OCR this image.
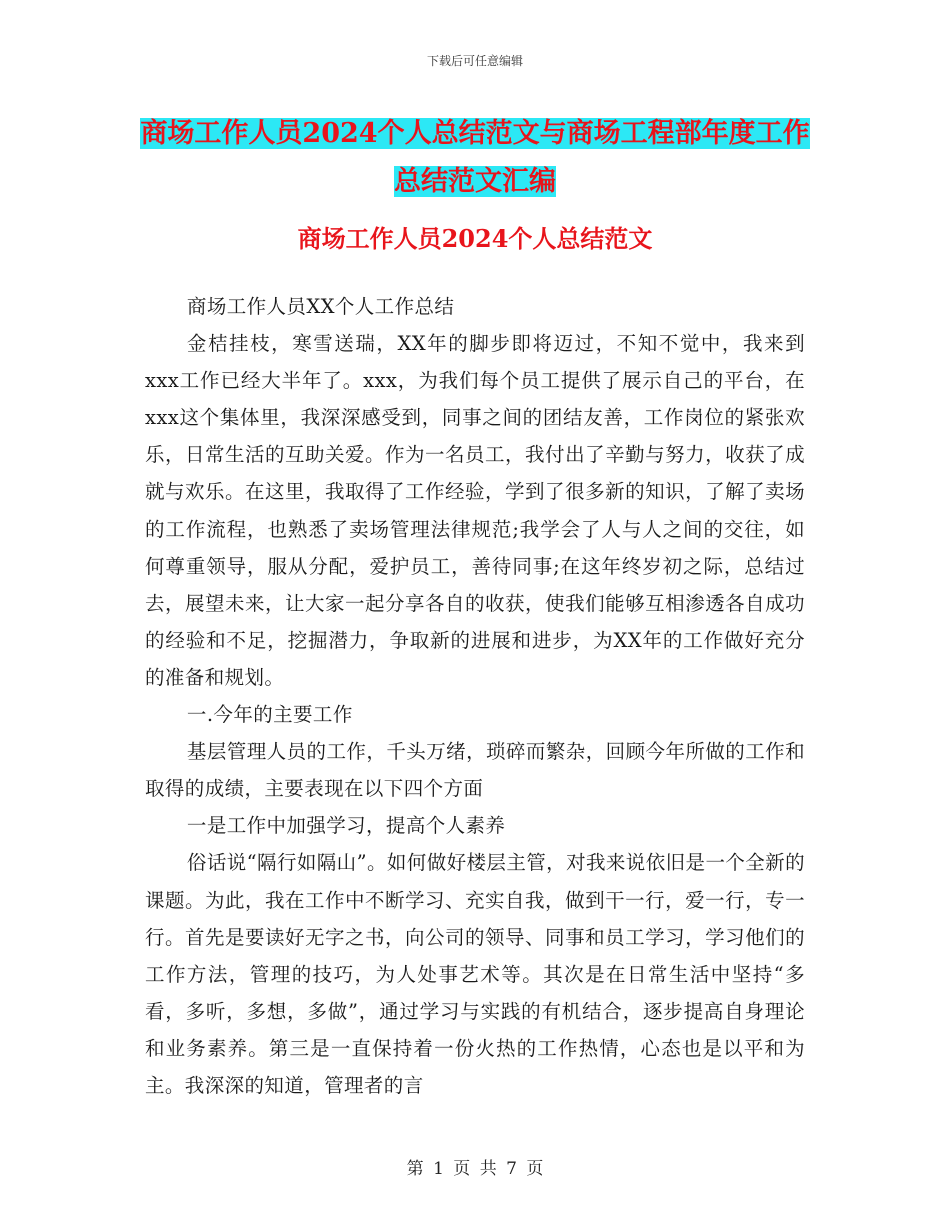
下载后可任意编辑
商场工作人员2024个人总结范文与商场工程部年度工作总结范文汇编
商场工作人员2024个人总结范文

商场工作人员XX个人工作总结

金桔挂枝，寒雪送瑞，XX年的脚步即将迈过，不知不觉中，我来到xxx工作已经大半年了。xxx，为我们每个员工提供了展示自己的平台，在xxx这个集体里，我深深感受到，同事之间的团结友善，工作岗位的紧张欢乐，日常生活的互助关爱。作为一名员工，我付出了辛勤与努力，收获了成就与欢乐。在这里，我取得了工作经验，学到了很多新的知识，了解了卖场的工作流程，也熟悉了卖场管理法律规范;我学会了人与人之间的交往，如何尊重领导，服从分配，爱护员工，善待同事;在这年终岁初之际，总结过去，展望未来，让大家一起分享各自的收获，使我们能够互相渗透各自成功的经验和不足，挖掘潜力，争取新的进展和进步，为XX年的工作做好充分的准备和规划。

一.今年的主要工作

基层管理人员的工作，千头万绪，琐碎而繁杂，回顾今年所做的工作和取得的成绩，主要表现在以下四个方面

一是工作中加强学习，提高个人素养

俗话说“隔行如隔山”。如何做好楼层主管，对我来说依旧是一个全新的课题。为此，我在工作中不断学习、充实自我，做到干一行，爱一行，专一行。首先是要读好无字之书，向公司的领导、同事和员工学习，学习他们的工作方法，管理的技巧，为人处事艺术等。其次是在日常生活中坚持“多看，多听，多想，多做”，通过学习与实践的有机结合，逐步提高自身理论和业务素养。第三是一直保持着一份火热的工作热情，心态也是以平和为主。我深深的知道，管理者的言

第 1 页 共 7 页
